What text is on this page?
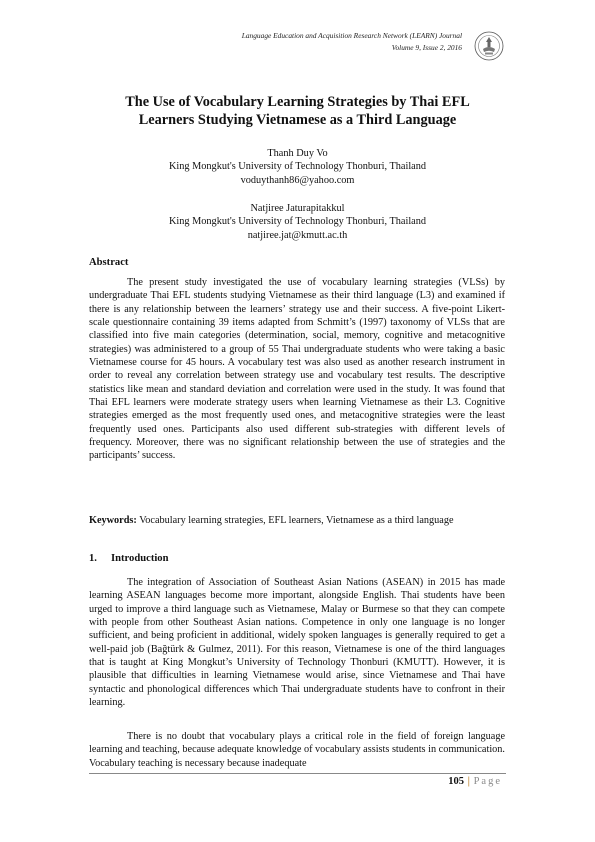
Language Education and Acquisition Research Network (LEARN) Journal
Volume 9, Issue 2, 2016
The Use of Vocabulary Learning Strategies by Thai EFL
Learners Studying Vietnamese as a Third Language
Thanh Duy Vo
King Mongkut's University of Technology Thonburi, Thailand
voduythanh86@yahoo.com
Natjiree Jaturapitakkul
King Mongkut's University of Technology Thonburi, Thailand
natjiree.jat@kmutt.ac.th
Abstract
The present study investigated the use of vocabulary learning strategies (VLSs) by undergraduate Thai EFL students studying Vietnamese as their third language (L3) and examined if there is any relationship between the learners’ strategy use and their success. A five-point Likert-scale questionnaire containing 39 items adapted from Schmitt’s (1997) taxonomy of VLSs that are classified into five main categories (determination, social, memory, cognitive and metacognitive strategies) was administered to a group of 55 Thai undergraduate students who were taking a basic Vietnamese course for 45 hours. A vocabulary test was also used as another research instrument in order to reveal any correlation between strategy use and vocabulary test results. The descriptive statistics like mean and standard deviation and correlation were used in the study. It was found that Thai EFL learners were moderate strategy users when learning Vietnamese as their L3. Cognitive strategies emerged as the most frequently used ones, and metacognitive strategies were the least frequently used ones. Participants also used different sub-strategies with different levels of frequency. Moreover, there was no significant relationship between the use of strategies and the participants’ success.
Keywords: Vocabulary learning strategies, EFL learners, Vietnamese as a third language
1. Introduction
The integration of Association of Southeast Asian Nations (ASEAN) in 2015 has made learning ASEAN languages become more important, alongside English. Thai students have been urged to improve a third language such as Vietnamese, Malay or Burmese so that they can compete with people from other Southeast Asian nations. Competence in only one language is no longer sufficient, and being proficient in additional, widely spoken languages is generally required to get a well-paid job (Bağtürk & Gulmez, 2011). For this reason, Vietnamese is one of the third languages that is taught at King Mongkut’s University of Technology Thonburi (KMUTT). However, it is plausible that difficulties in learning Vietnamese would arise, since Vietnamese and Thai have syntactic and phonological differences which Thai undergraduate students have to confront in their learning.
There is no doubt that vocabulary plays a critical role in the field of foreign language learning and teaching, because adequate knowledge of vocabulary assists students in communication. Vocabulary teaching is necessary because inadequate
105 | Page
